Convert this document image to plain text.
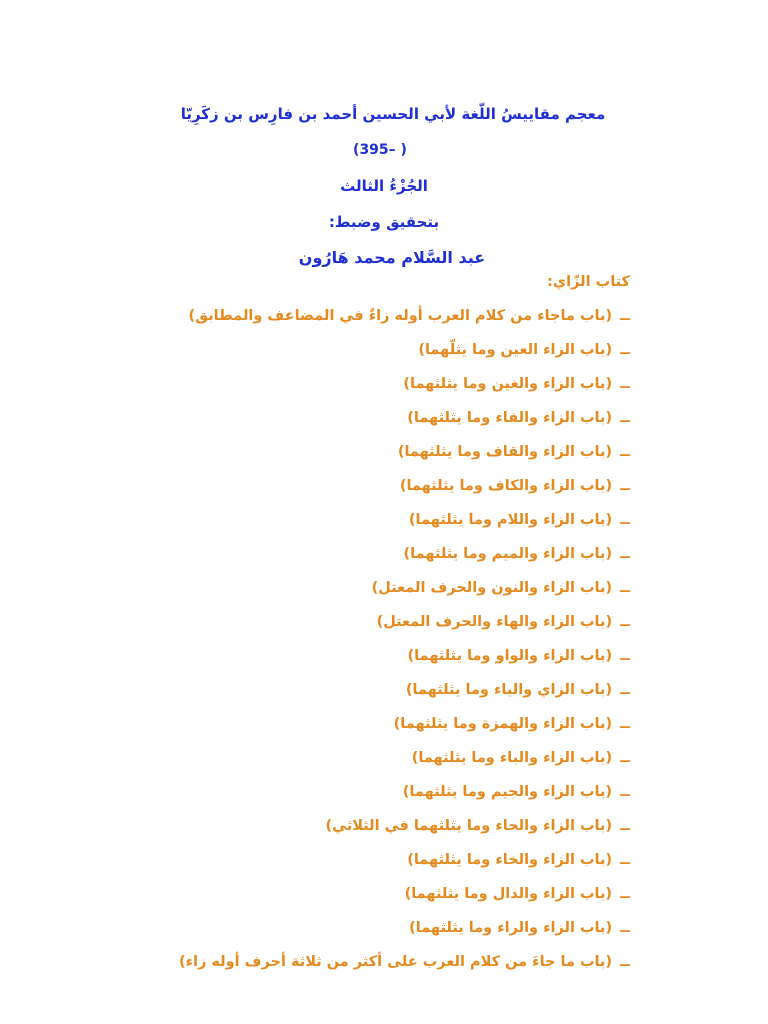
معجم مقاييسُ اللّغة لأبي الحسين أحمد بن فارِس بن زكَرِيّا
( –395)
الجُزْءُ الثالث
بتحقيق وضبط:
عبد السَّلام محمد هَارُون
كتاب الزّاي:
ــ
(باب ماجاء من كلام العرب أوله زاءٌ في المضاعف والمطابق)
ــ
(باب الزاء العين وما يثلّهما)
ــ
(باب الزاء والغين وما يثلثهما)
ــ
(باب الزاء والفاء وما يثلثهما)
ــ
(باب الزاء والقاف وما يثلثهما)
ــ
(باب الزاء والكاف وما يثلثهما)
ــ
(باب الزاء واللام وما يثلثهما)
ــ
(باب الزاء والميم وما يثلثهما)
ــ
(باب الزاء والنون والحرف المعتل)
ــ
(باب الزاء والهاء والحرف المعتل)
ــ
(باب الزاء والواو وما يثلثهما)
ــ
(باب الزاي والياء وما يثلثهما)
ــ
(باب الزاء والهمزة وما يثلثهما)
ــ
(باب الزاء والباء وما يثلثهما)
ــ
(باب الزاء والجيم وما يثلثهما)
ــ
(باب الزاء والحاء وما يثلثهما في الثلاثي)
ــ
(باب الزاء والخاء وما يثلثهما)
ــ
(باب الزاء والدال وما يثلثهما)
ــ
(باب الزاء والراء وما يثلثهما)
ــ
(باب ما جاءَ من كلام العرب على أكثر من ثلاثة أحرف أوله زاء)
